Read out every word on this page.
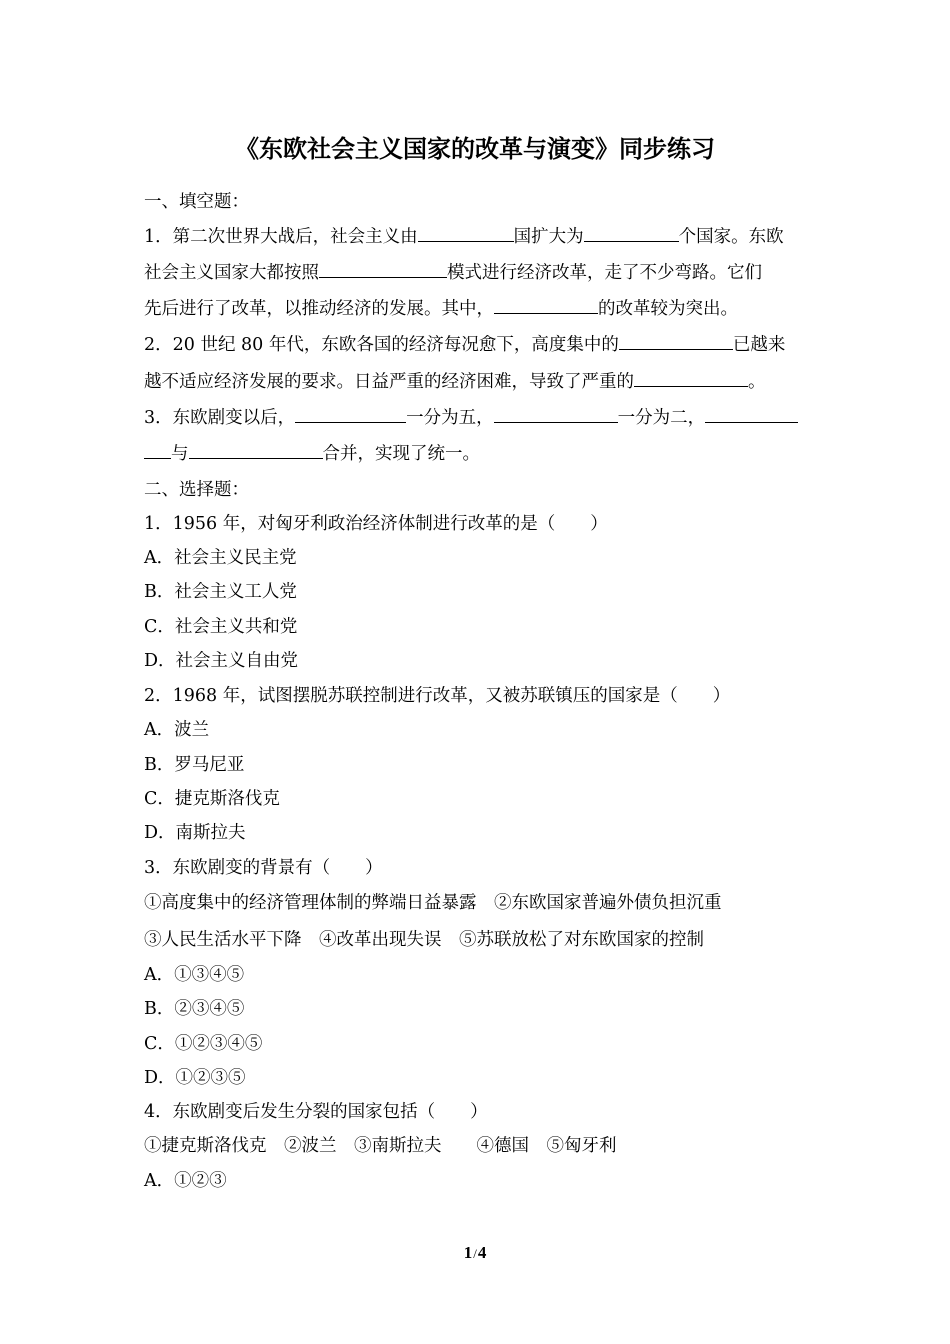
《东欧社会主义国家的改革与演变》同步练习
一、填空题：
1．第二次世界大战后，社会主义由	国扩大为	个国家。东欧
社会主义国家大都按照	模式进行经济改革，走了不少弯路。它们
先后进行了改革，以推动经济的发展。其中，	的改革较为突出。
2．20 世纪 80 年代，东欧各国的经济每况愈下，高度集中的	已越来
越不适应经济发展的要求。日益严重的经济困难，导致了严重的	。
3．东欧剧变以后，	一分为五，	一分为二，
与	合并，实现了统一。
二、选择题：
1．1956 年，对匈牙利政治经济体制进行改革的是（　　）
A．社会主义民主党
B．社会主义工人党
C．社会主义共和党
D．社会主义自由党
2．1968 年，试图摆脱苏联控制进行改革，又被苏联镇压的国家是（　　）
A．波兰
B．罗马尼亚
C．捷克斯洛伐克
D．南斯拉夫
3．东欧剧变的背景有（　　）
①高度集中的经济管理体制的弊端日益暴露　②东欧国家普遍外债负担沉重
③人民生活水平下降　④改革出现失误　⑤苏联放松了对东欧国家的控制
A．①③④⑤
B．②③④⑤
C．①②③④⑤
D．①②③⑤
4．东欧剧变后发生分裂的国家包括（　　）
①捷克斯洛伐克　②波兰　③南斯拉夫　　④德国　⑤匈牙利
A．①②③
1/4
